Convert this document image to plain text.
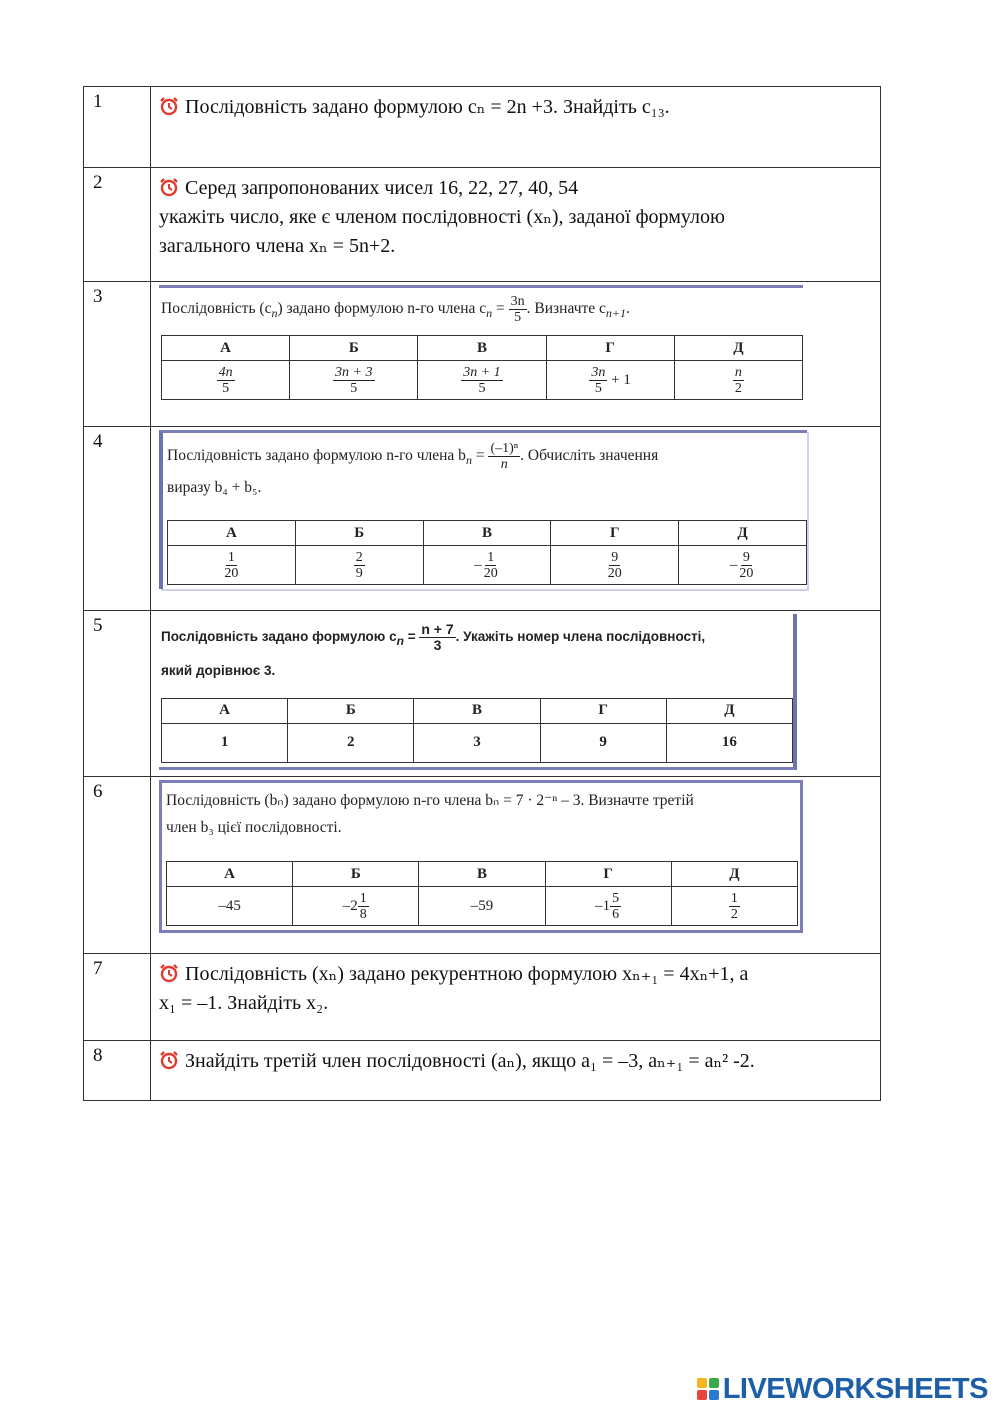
1	Послідовність задано формулою cₙ = 2n +3. Знайдіть c₁₃.

2	Серед запропонованих чисел 16, 22, 27, 40, 54
укажіть число, яке є членом послідовності (xₙ), заданої формулою
загального члена xₙ = 5n+2.

3	
Послідовність $(c_n)$ задано формулою n-го члена $c_n = \frac{3n}{5}$ . Визначте $c_{n+1}$.
А	Б	В	Г	Д

$\frac{4n}{5}$	$\frac{3n + 3}{5}$	$\frac{3n + 1}{5}$	$\frac{3n}{5} + 1$	$\frac{n}{2}$

4	
Послідовність задано формулою n-го члена $b_n = \frac{\text{(–1)ⁿ}}{n}$ . Обчисліть значення
виразу b₄ + b₅.
А	Б	В	Г	Д

$\frac{1}{20}$	$\frac{2}{9}$	– $\frac{1}{20}$	$\frac{9}{20}$	– $\frac{9}{20}$

5	
Послідовність задано формулою $c_n = \frac{n + 7}{3}$ . Укажіть номер члена послідовності,
який дорівнює 3.
А	Б	В	Г	Д
1	2	3	9	16

6	Послідовність (bₙ) задано формулою n-го члена bₙ = 7 · 2⁻ⁿ – 3. Визначте третій
член b₃ цієї послідовності.
А	Б	В	Г	Д
–45	$-2 \frac{1}{8}$	–59	$-1 \frac{5}{6}$	$\frac{1}{2}$

7	Послідовність (xₙ) задано рекурентною формулою xₙ₊₁ = 4xₙ+1, а
x₁ = –1. Знайдіть x₂.

8	Знайдіть третій член послідовності (aₙ), якщо a₁ = –3, aₙ₊₁ = aₙ² -2.
LIVEWORKSHEETS
